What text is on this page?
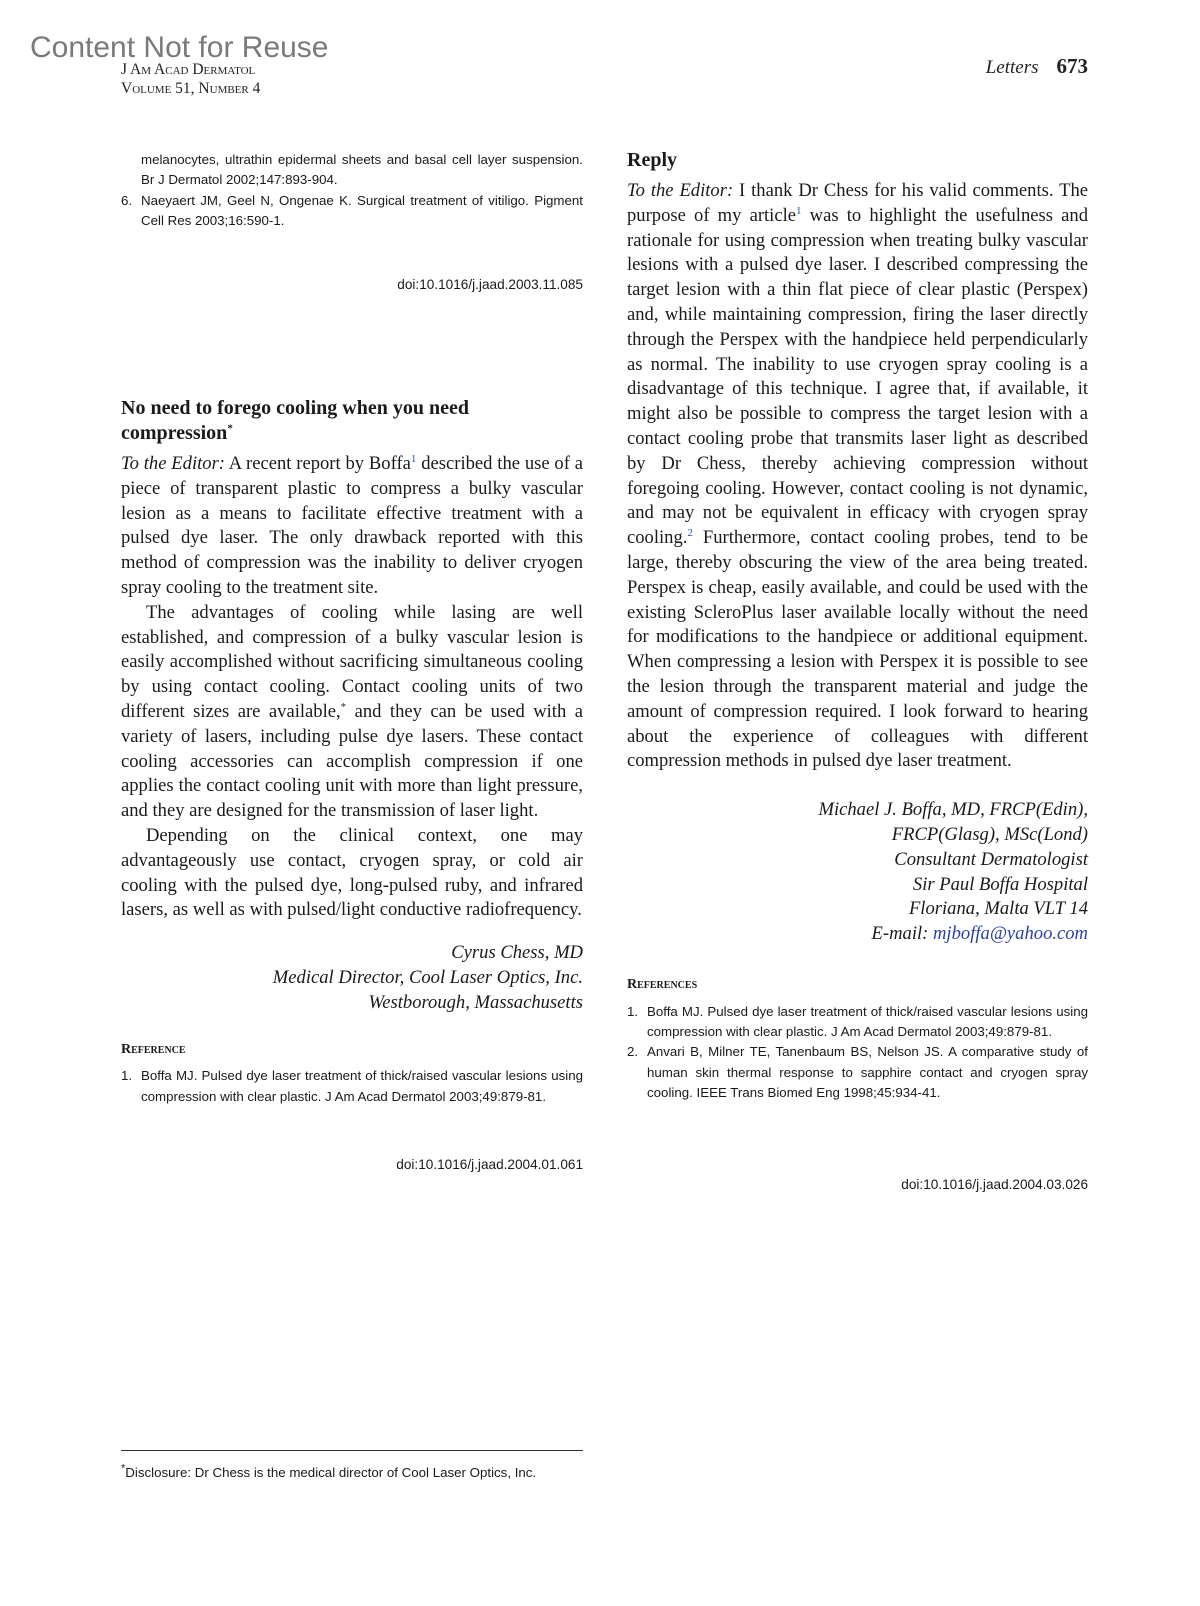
Content Not for Reuse
J Am Acad Dermatol
Volume 51, Number 4
Letters 673
melanocytes, ultrathin epidermal sheets and basal cell layer suspension. Br J Dermatol 2002;147:893-904.
6. Naeyaert JM, Geel N, Ongenae K. Surgical treatment of vitiligo. Pigment Cell Res 2003;16:590-1.
doi:10.1016/j.jaad.2003.11.085
No need to forego cooling when you need compression*

To the Editor: A recent report by Boffa$^1$ described the use of a piece of transparent plastic to compress a bulky vascular lesion as a means to facilitate effective treatment with a pulsed dye laser. The only drawback reported with this method of compression was the inability to deliver cryogen spray cooling to the treatment site.

The advantages of cooling while lasing are well established, and compression of a bulky vascular lesion is easily accomplished without sacrificing simultaneous cooling by using contact cooling. Contact cooling units of two different sizes are available,* and they can be used with a variety of lasers, including pulse dye lasers. These contact cooling accessories can accomplish compression if one applies the contact cooling unit with more than light pressure, and they are designed for the transmission of laser light.

Depending on the clinical context, one may advantageously use contact, cryogen spray, or cold air cooling with the pulsed dye, long-pulsed ruby, and infrared lasers, as well as with pulsed/light conductive radiofrequency.

Cyrus Chess, MD
Medical Director, Cool Laser Optics, Inc.
Westborough, Massachusetts
Reference
1. Boffa MJ. Pulsed dye laser treatment of thick/raised vascular lesions using compression with clear plastic. J Am Acad Dermatol 2003;49:879-81.
doi:10.1016/j.jaad.2004.01.061
Reply

To the Editor: I thank Dr Chess for his valid comments. The purpose of my article$^1$ was to highlight the usefulness and rationale for using compression when treating bulky vascular lesions with a pulsed dye laser. I described compressing the target lesion with a thin flat piece of clear plastic (Perspex) and, while maintaining compression, firing the laser directly through the Perspex with the handpiece held perpendicularly as normal. The inability to use cryogen spray cooling is a disadvantage of this technique. I agree that, if available, it might also be possible to compress the target lesion with a contact cooling probe that transmits laser light as described by Dr Chess, thereby achieving compression without foregoing cooling. However, contact cooling is not dynamic, and may not be equivalent in efficacy with cryogen spray cooling.$^2$ Furthermore, contact cooling probes, tend to be large, thereby obscuring the view of the area being treated. Perspex is cheap, easily available, and could be used with the existing ScleroPlus laser available locally without the need for modifications to the handpiece or additional equipment. When compressing a lesion with Perspex it is possible to see the lesion through the transparent material and judge the amount of compression required. I look forward to hearing about the experience of colleagues with different compression methods in pulsed dye laser treatment.

Michael J. Boffa, MD, FRCP(Edin),
FRCP(Glasg), MSc(Lond)
Consultant Dermatologist
Sir Paul Boffa Hospital
Floriana, Malta VLT 14
E-mail: mjboffa@yahoo.com
References
1. Boffa MJ. Pulsed dye laser treatment of thick/raised vascular lesions using compression with clear plastic. J Am Acad Dermatol 2003;49:879-81.
2. Anvari B, Milner TE, Tanenbaum BS, Nelson JS. A comparative study of human skin thermal response to sapphire contact and cryogen spray cooling. IEEE Trans Biomed Eng 1998;45:934-41.
doi:10.1016/j.jaad.2004.03.026
*Disclosure: Dr Chess is the medical director of Cool Laser Optics, Inc.
